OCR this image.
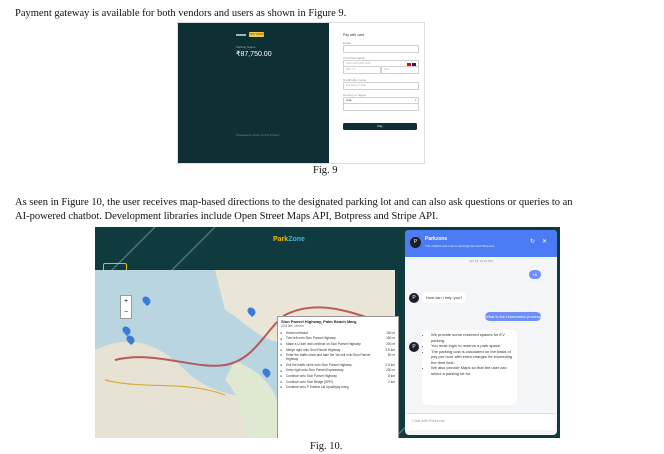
Payment gateway is available for both vendors and users as shown in Figure 9.
TEST MODE
Parking Space
₹87,750.00
Powered by stripe Terms Privacy
Pay with card
Email
Card information
1234 1234 1234 1234
MM / YY	CVC
Cardholder name
Full name on card
Country or region
India	▾
Pay
Fig. 9
As seen in Figure 10, the user receives map-based directions to the designated parking lot and can also ask questions or queries to an
AI-powered chatbot. Development libraries include Open Street Maps API, Botpress and Stripe API.
ParkZone
+
−
Sion Panvel Highway, Palm Beach Marg
20.5 km, 18 min
➤ Head northeast	150 m
➤ Turn left onto Sion Panvel Highway	150 m
➤ Make a U-turn and continue on Sion Panvel Highway	200 m
➤ Merge right onto Sion Panvel Highway	2.5 km
➤ Enter the traffic circle and take the 1st exit onto Sion Panvel Highway
60 m
➤ Exit the traffic circle onto Sion Panvel Highway	2.5 km
➤ Keep right onto Sion Panvel Expressway	200 m
➤ Continue onto Sion Panvel Highway	8 km
➤ Continue onto Sion Bridge (SPR)	2 km
➤ Continue onto P Sridhar Lal Upadhyay marg
P	Parkzone
This chatbot was built surprisingly fast with Botpress
↻ ✕
Apr 13, 10:21 PM
Hi
P	How can I help you?
What is the reservation process?
P
• We provide some reserved spaces for EV parking.
• You must login to reserve a park space.
• The parking cost is calculated on the basis of pay per hour with extra charges for exceeding the time limit.
• We also provide Maps so that the user can select a parking lot for
Chat with Parkzone
Fig. 10.
